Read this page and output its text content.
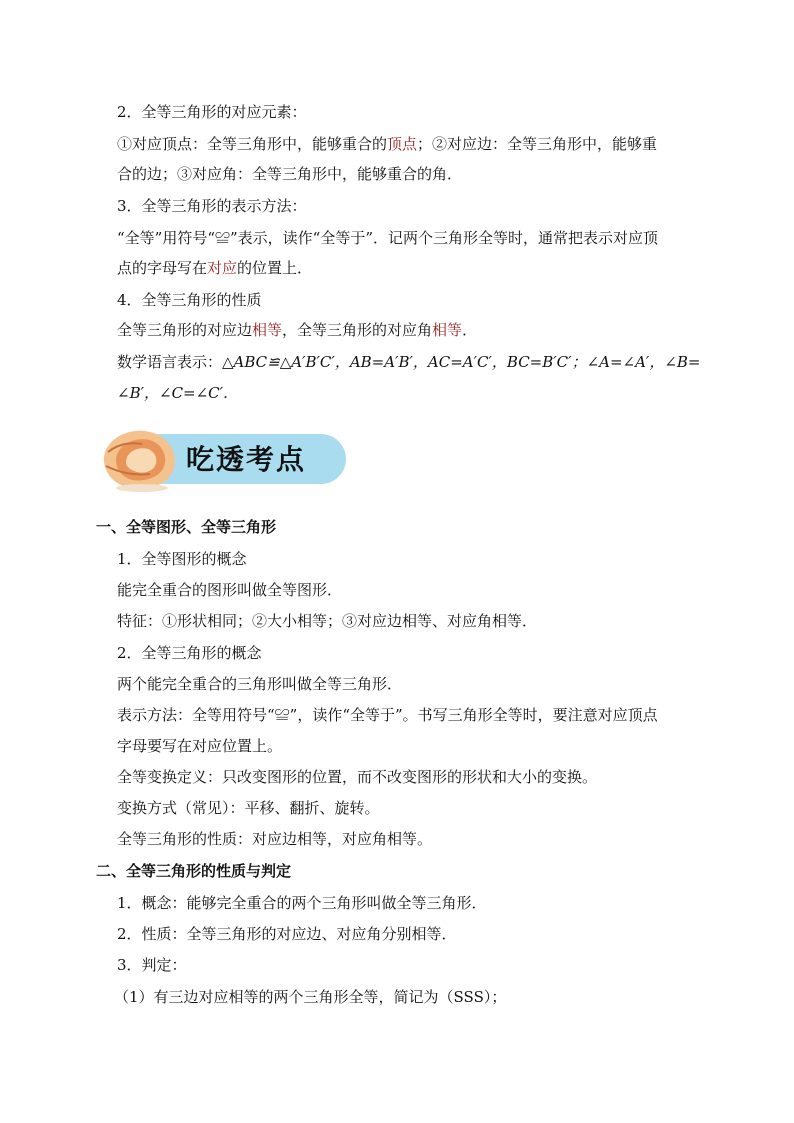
2．全等三角形的对应元素：
①对应顶点：全等三角形中，能够重合的顶点；②对应边：全等三角形中，能够重
合的边；③对应角：全等三角形中，能够重合的角．
3．全等三角形的表示方法：
“全等”用符号“≌”表示，读作“全等于”．记两个三角形全等时，通常把表示对应顶
点的字母写在对应的位置上．
4．全等三角形的性质
全等三角形的对应边相等，全等三角形的对应角相等．
数学语言表示：△ABC≌△A′B′C′，AB=A′B′，AC=A′C′，BC=B′C′；∠A=∠A′，∠B=
∠B′，∠C=∠C′．
吃透考点
一、全等图形、全等三角形
1．全等图形的概念
能完全重合的图形叫做全等图形．
特征：①形状相同；②大小相等；③对应边相等、对应角相等．
2．全等三角形的概念
两个能完全重合的三角形叫做全等三角形．
表示方法：全等用符号“≌”，读作“全等于”。书写三角形全等时，要注意对应顶点
字母要写在对应位置上。
全等变换定义：只改变图形的位置，而不改变图形的形状和大小的变换。
变换方式（常见）：平移、翻折、旋转。
全等三角形的性质：对应边相等，对应角相等。
二、全等三角形的性质与判定
1．概念：能够完全重合的两个三角形叫做全等三角形．
2．性质：全等三角形的对应边、对应角分别相等．
3．判定：
（1）有三边对应相等的两个三角形全等，简记为（SSS）；
